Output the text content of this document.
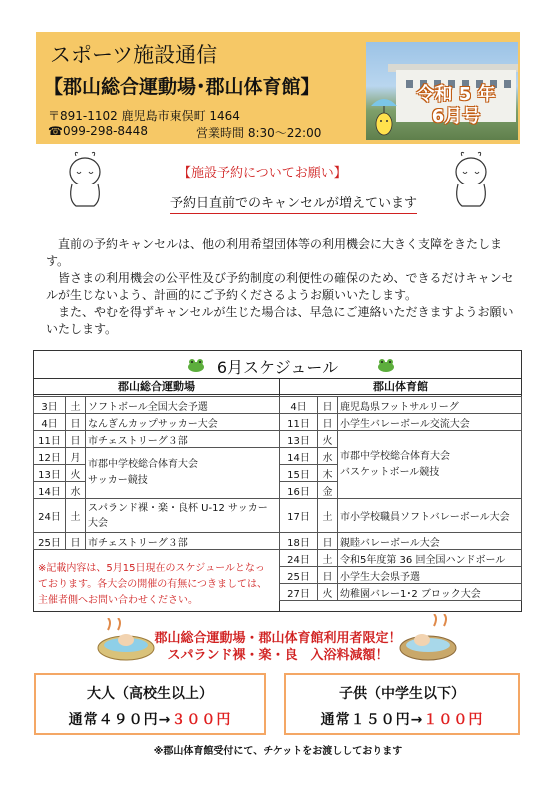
スポーツ施設通信
【郡山総合運動場･郡山体育館】
〒891-1102 鹿児島市東俣町 1464
☎099-298-8448	営業時間 8:30～22:00
令和 5 年
6月号
【施設予約についてお願い】
予約日直前でのキャンセルが増えています

直前の予約キャンセルは、他の利用希望団体等の利用機会に大きく支障をきたします。

皆さまの利用機会の公平性及び予約制度の利便性の確保のため、できるだけキャンセルが生じないよう、計画的にご予約くださるようお願いいたします。

また、やむを得ずキャンセルが生じた場合は、早急にご連絡いただきますようお願いいたします。

6月スケジュール
郡山総合運動場	郡山体育館
3日	土	ソフトボール全国大会予選
4日	日	なんぎんカップサッカー大会
11日	日	市チェストリーグ３部
12日	月	市郡中学校総合体育大会
サッカー競技

13日	火	
14日	水	
24日	土	スパランド裸・楽・良杯 U-12 サッカー大会
25日	日	市チェストリーグ３部
※記載内容は、5月15日現在のスケジュールとなっております。各大会の開催の有無につきましては、主催者側へお問い合わせください。
4日	日	鹿児島県フットサルリーグ
11日	日	小学生バレーボール交流大会
13日	火	市郡中学校総合体育大会
バスケットボール競技

14日	水	
15日	木	
16日	金	
17日	土	市小学校職員ソフトバレーボール大会
18日	日	親睦バレーボール大会
24日	土	令和5年度第 36 回全国ハンドボール
25日	日	小学生大会県予選
27日	火	幼稚園バレー1･2 ブロック大会
郡山総合運動場・郡山体育館利用者限定！
スパランド裸・楽・良　入浴料減額！
大人（高校生以上）
通常４９０円→３００円
子供（中学生以下）
通常１５０円→１００円
※郡山体育館受付にて、チケットをお渡ししております
